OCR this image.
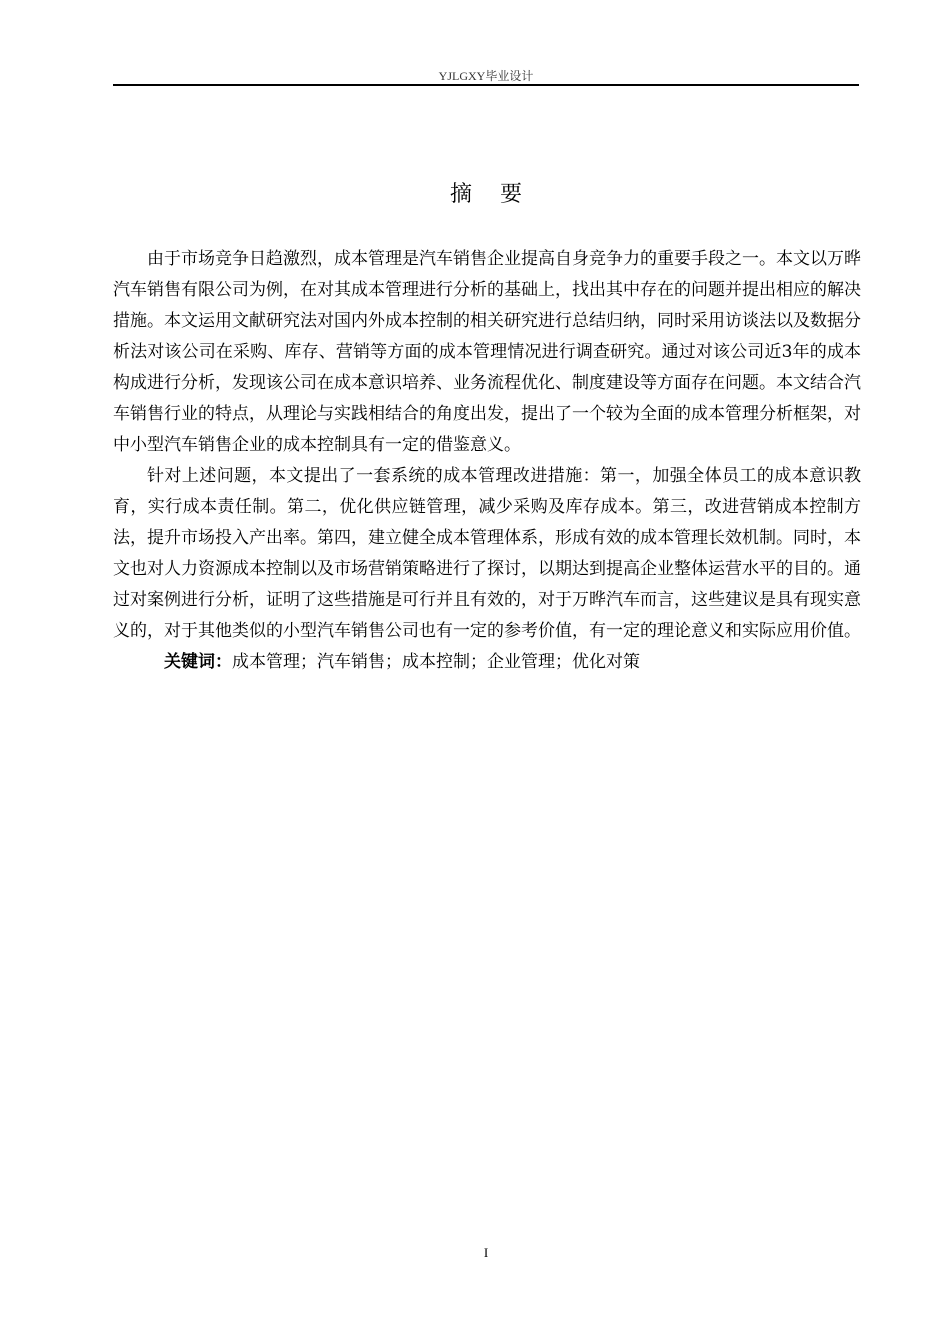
YJLGXY毕业设计
摘要

由于市场竞争日趋激烈，成本管理是汽车销售企业提高自身竞争力的重要手段之一。本文以万晔汽车销售有限公司为例，在对其成本管理进行分析的基础上，找出其中存在的问题并提出相应的解决措施。本文运用文献研究法对国内外成本控制的相关研究进行总结归纳，同时采用访谈法以及数据分析法对该公司在采购、库存、营销等方面的成本管理情况进行调查研究。通过对该公司近3年的成本构成进行分析，发现该公司在成本意识培养、业务流程优化、制度建设等方面存在问题。本文结合汽车销售行业的特点，从理论与实践相结合的角度出发，提出了一个较为全面的成本管理分析框架，对中小型汽车销售企业的成本控制具有一定的借鉴意义。

针对上述问题，本文提出了一套系统的成本管理改进措施：第一，加强全体员工的成本意识教育，实行成本责任制。第二，优化供应链管理，减少采购及库存成本。第三，改进营销成本控制方法，提升市场投入产出率。第四，建立健全成本管理体系，形成有效的成本管理长效机制。同时，本文也对人力资源成本控制以及市场营销策略进行了探讨，以期达到提高企业整体运营水平的目的。通过对案例进行分析，证明了这些措施是可行并且有效的，对于万晔汽车而言，这些建议是具有现实意义的，对于其他类似的小型汽车销售公司也有一定的参考价值，有一定的理论意义和实际应用价值。

关键词：成本管理；汽车销售；成本控制；企业管理；优化对策

I
